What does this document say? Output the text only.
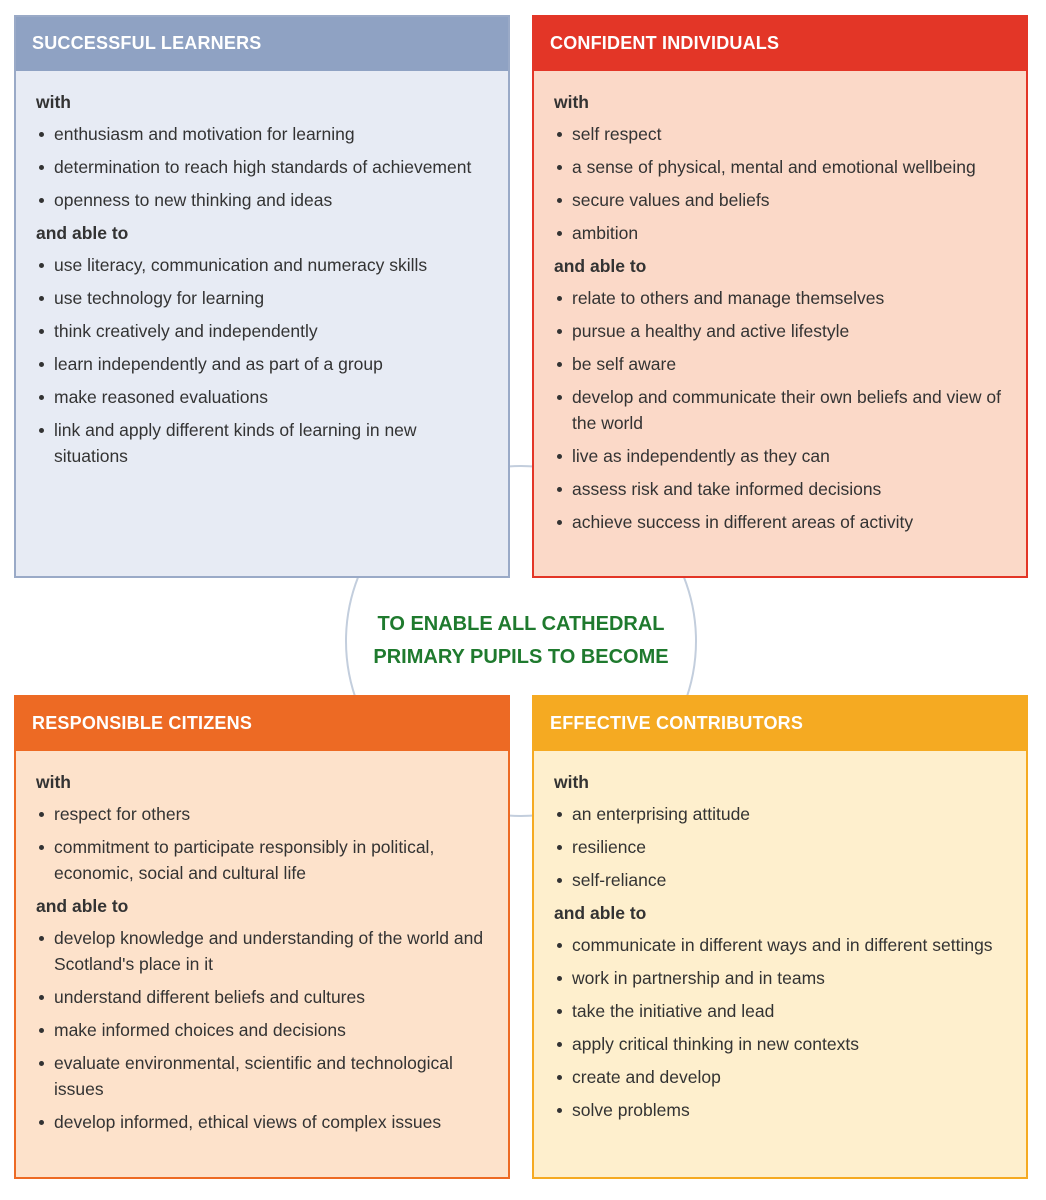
TO ENABLE ALL CATHEDRAL
PRIMARY PUPILS TO BECOME
SUCCESSFUL LEARNERS
with
enthusiasm and motivation for learning
determination to reach high standards of achievement
openness to new thinking and ideas
and able to
use literacy, communication and numeracy skills
use technology for learning
think creatively and independently
learn independently and as part of a group
make reasoned evaluations
link and apply different kinds of learning in new situations
CONFIDENT INDIVIDUALS
with
self respect
a sense of physical, mental and emotional wellbeing
secure values and beliefs
ambition
and able to
relate to others and manage themselves
pursue a healthy and active lifestyle
be self aware
develop and communicate their own beliefs and view of the world
live as independently as they can
assess risk and take informed decisions
achieve success in different areas of activity
RESPONSIBLE CITIZENS
with
respect for others
commitment to participate responsibly in political, economic, social and cultural life
and able to
develop knowledge and understanding of the world and Scotland's place in it
understand different beliefs and cultures
make informed choices and decisions
evaluate environmental, scientific and technological issues
develop informed, ethical views of complex issues
EFFECTIVE CONTRIBUTORS
with
an enterprising attitude
resilience
self-reliance
and able to
communicate in different ways and in different settings
work in partnership and in teams
take the initiative and lead
apply critical thinking in new contexts
create and develop
solve problems
